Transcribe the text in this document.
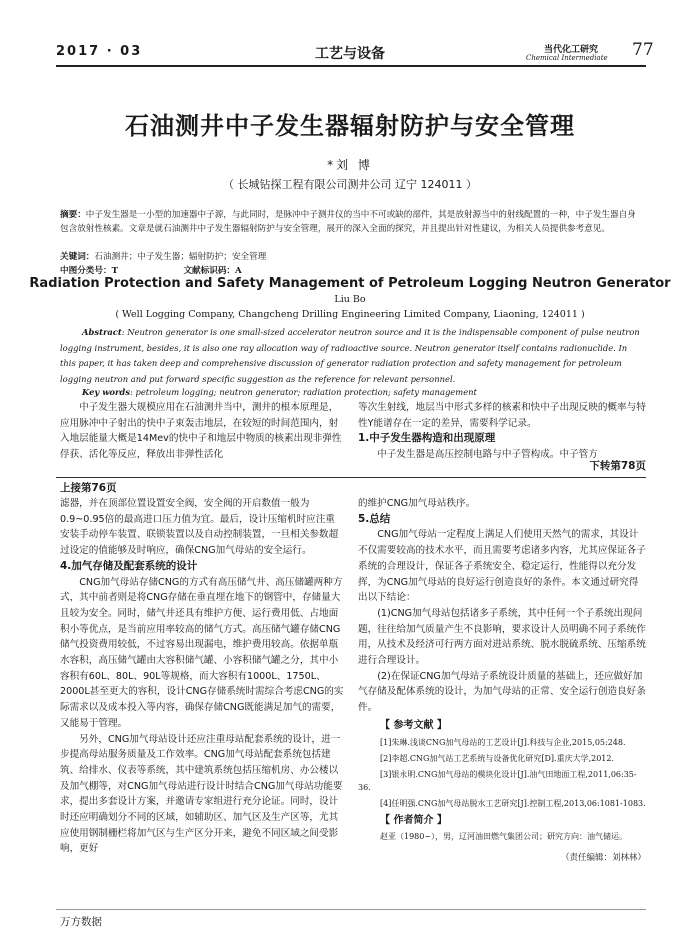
2017 · 03	工艺与设备	当代化工研究
Chemical Intermediate 77
石油测井中子发生器辐射防护与安全管理
*刘 博
（ 长城钻探工程有限公司测井公司 辽宁 124011 ）
摘要：中子发生器是一小型的加速器中子源，与此同时，是脉冲中子测井仪的当中不可或缺的部件，其是放射源当中的射线配置的一种，中子发生器自身包含放射性核素。文章是就石油测井中子发生器辐射防护与安全管理，展开的深入全面的探究，并且提出针对性建议，为相关人员提供参考意见。
关键词：石油测井；中子发生器；辐射防护；安全管理
中图分类号：T	文献标识码：A
Radiation Protection and Safety Management of Petroleum Logging Neutron Generator
Liu Bo
( Well Logging Company, Changcheng Drilling Engineering Limited Company, Liaoning, 124011 )
Abstract: Neutron generator is one small-sized accelerator neutron source and it is the indispensable component of pulse neutron logging instrument, besides, it is also one ray allocation way of radioactive source. Neutron generator itself contains radionuclide. In this paper, it has taken deep and comprehensive discussion of generator radiation protection and safety management for petroleum logging neutron and put forward specific suggestion as the reference for relevant personnel.
Key words: petroleum logging; neutron generator; radiation protection; safety management

中子发生器大规模应用在石油测井当中，测井的根本原理是，应用脉冲中子射出的快中子束轰击地层，在较短的时间范围内，射入地层能量大概是14Mev的快中子和地层中物质的核素出现非弹性俘获、活化等反应，释放出非弹性活化

等次生射线，地层当中形式多样的核素和快中子出现反映的概率与特性Y能谱存在一定的差异，需要科学记录。

1.中子发生器构造和出现原理

中子发生器是高压控制电路与中子管构成。中子管方

下转第78页
上接第76页

滤器，并在顶部位置设置安全阀，安全阀的开启数值一般为0.9~0.95倍的最高进口压力值为宜。最后，设计压缩机时应注重安装手动停车装置、联锁装置以及自动控制装置，一旦相关参数超过设定的值能够及时响应，确保CNG加气母站的安全运行。

4.加气存储及配套系统的设计

CNG加气母站存储CNG的方式有高压储气井、高压储罐两种方式，其中前者则是将CNG存储在垂直埋在地下的钢管中，存储量大且较为安全。同时，储气井还具有维护方便、运行费用低、占地面积小等优点，是当前应用率较高的储气方式。高压储气罐存储CNG储气投资费用较低，不过容易出现漏电，维护费用较高。依据单瓶水容积，高压储气罐由大容积储气罐、小容积储气罐之分，其中小容积有60L、80L、90L等规格，而大容积有1000L、1750L、2000L甚至更大的容积，设计CNG存储系统时需综合考虑CNG的实际需求以及成本投入等内容，确保存储CNG既能满足加气的需要，又能易于管理。

另外，CNG加气母站设计还应注重母站配套系统的设计，进一步提高母站服务质量及工作效率。CNG加气母站配套系统包括建筑、给排水、仪表等系统，其中建筑系统包括压缩机房、办公楼以及加气棚等，对CNG加气母站进行设计时结合CNG加气母站功能要求，提出多套设计方案，并邀请专家组进行充分论证。同时，设计时还应明确划分不同的区域，如辅助区、加气区及生产区等，尤其应使用钢制栅栏将加气区与生产区分开来，避免不同区域之间受影响，更好

的维护CNG加气母站秩序。

5.总结

CNG加气母站一定程度上满足人们使用天然气的需求，其设计不仅需要较高的技术水平，而且需要考虑诸多内容，尤其应保证各子系统的合理设计，保证各子系统安全、稳定运行，性能得以充分发挥，为CNG加气母站的良好运行创造良好的条件。本文通过研究得出以下结论：

(1)CNG加气母站包括诸多子系统，其中任何一个子系统出现问题，往往给加气质量产生不良影响，要求设计人员明确不同子系统作用，从技术及经济可行两方面对进站系统、脱水脱硫系统、压缩系统进行合理设计。

(2)在保证CNG加气母站子系统设计质量的基础上，还应做好加气存储及配体系统的设计，为加气母站的正常、安全运行创造良好条件。

【 参考文献 】

[1]朱琳.浅谈CNG加气母站的工艺设计[J].科技与企业,2015,05:248.

[2]李超.CNG加气站工艺系统与设备优化研究[D].重庆大学,2012.

[3]银永明.CNG加气母站的模块化设计[J].油气田地面工程,2011,06:35-36.

[4]任明强.CNG加气母站脱水工艺研究[J].控制工程,2013,06:1081-1083.

【 作者简介 】

赵亚（1980~），男，辽河油田燃气集团公司；研究方向：油气储运。

（责任编辑：刘林林）
万方数据
